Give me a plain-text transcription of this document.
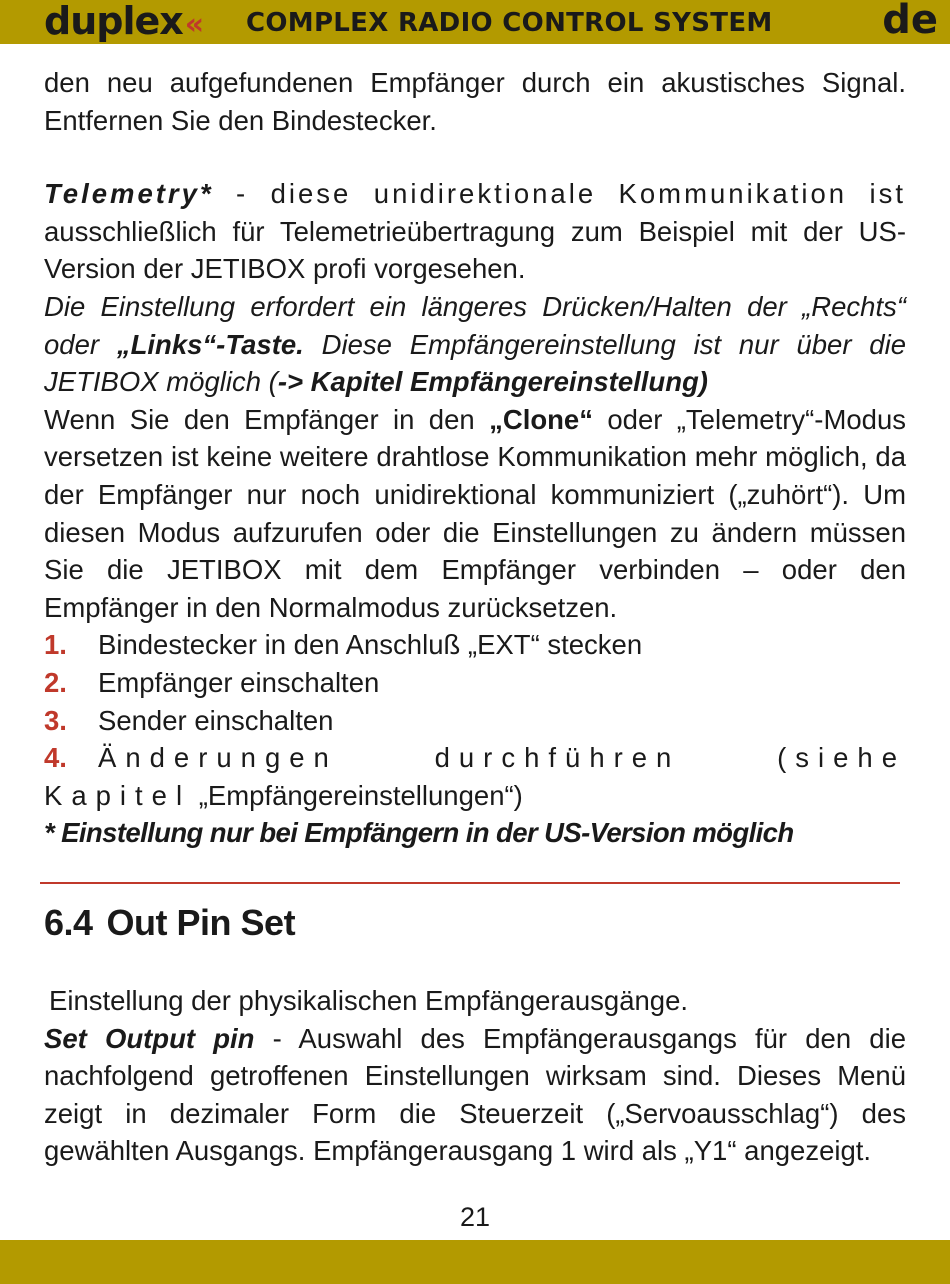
duplex« COMPLEX RADIO CONTROL SYSTEM	de

den neu aufgefundenen Empfänger durch ein akustisches Signal. Entfernen Sie den Bindestecker.

Telemetry* - diese unidirektionale Kommunikation ist ausschließlich für Telemetrieübertragung zum Beispiel mit der US-Version der JETIBOX profi vorgesehen.

Die Einstellung erfordert ein längeres Drücken/Halten der „Rechts“ oder „Links“-Taste. Diese Empfängereinstellung ist nur über die JETIBOX möglich (-> Kapitel Empfängereinstellung)

Wenn Sie den Empfänger in den „Clone“ oder „Telemetry“-Modus versetzen ist keine weitere drahtlose Kommunikation mehr möglich, da der Empfänger nur noch unidirektional kommuniziert („zuhört“). Um diesen Modus aufzurufen oder die Einstellungen zu ändern müssen Sie die JETIBOX mit dem Empfänger verbinden – oder den Empfänger in den Normalmodus zurücksetzen.

1. Bindestecker in den Anschluß „EXT“ stecken

2. Empfänger einschalten

3. Sender einschalten

4. Änderungen durchführen (siehe Kapitel „Empfängereinstellungen“)

* Einstellung nur bei Empfängern in der US-Version möglich

6.4 Out Pin Set

Einstellung der physikalischen Empfängerausgänge.

Set Output pin - Auswahl des Empfängerausgangs für den die nachfolgend getroffenen Einstellungen wirksam sind. Dieses Menü zeigt in dezimaler Form die Steuerzeit („Servoausschlag“) des gewählten Ausgangs. Empfängerausgang 1 wird als „Y1“ angezeigt.

21
